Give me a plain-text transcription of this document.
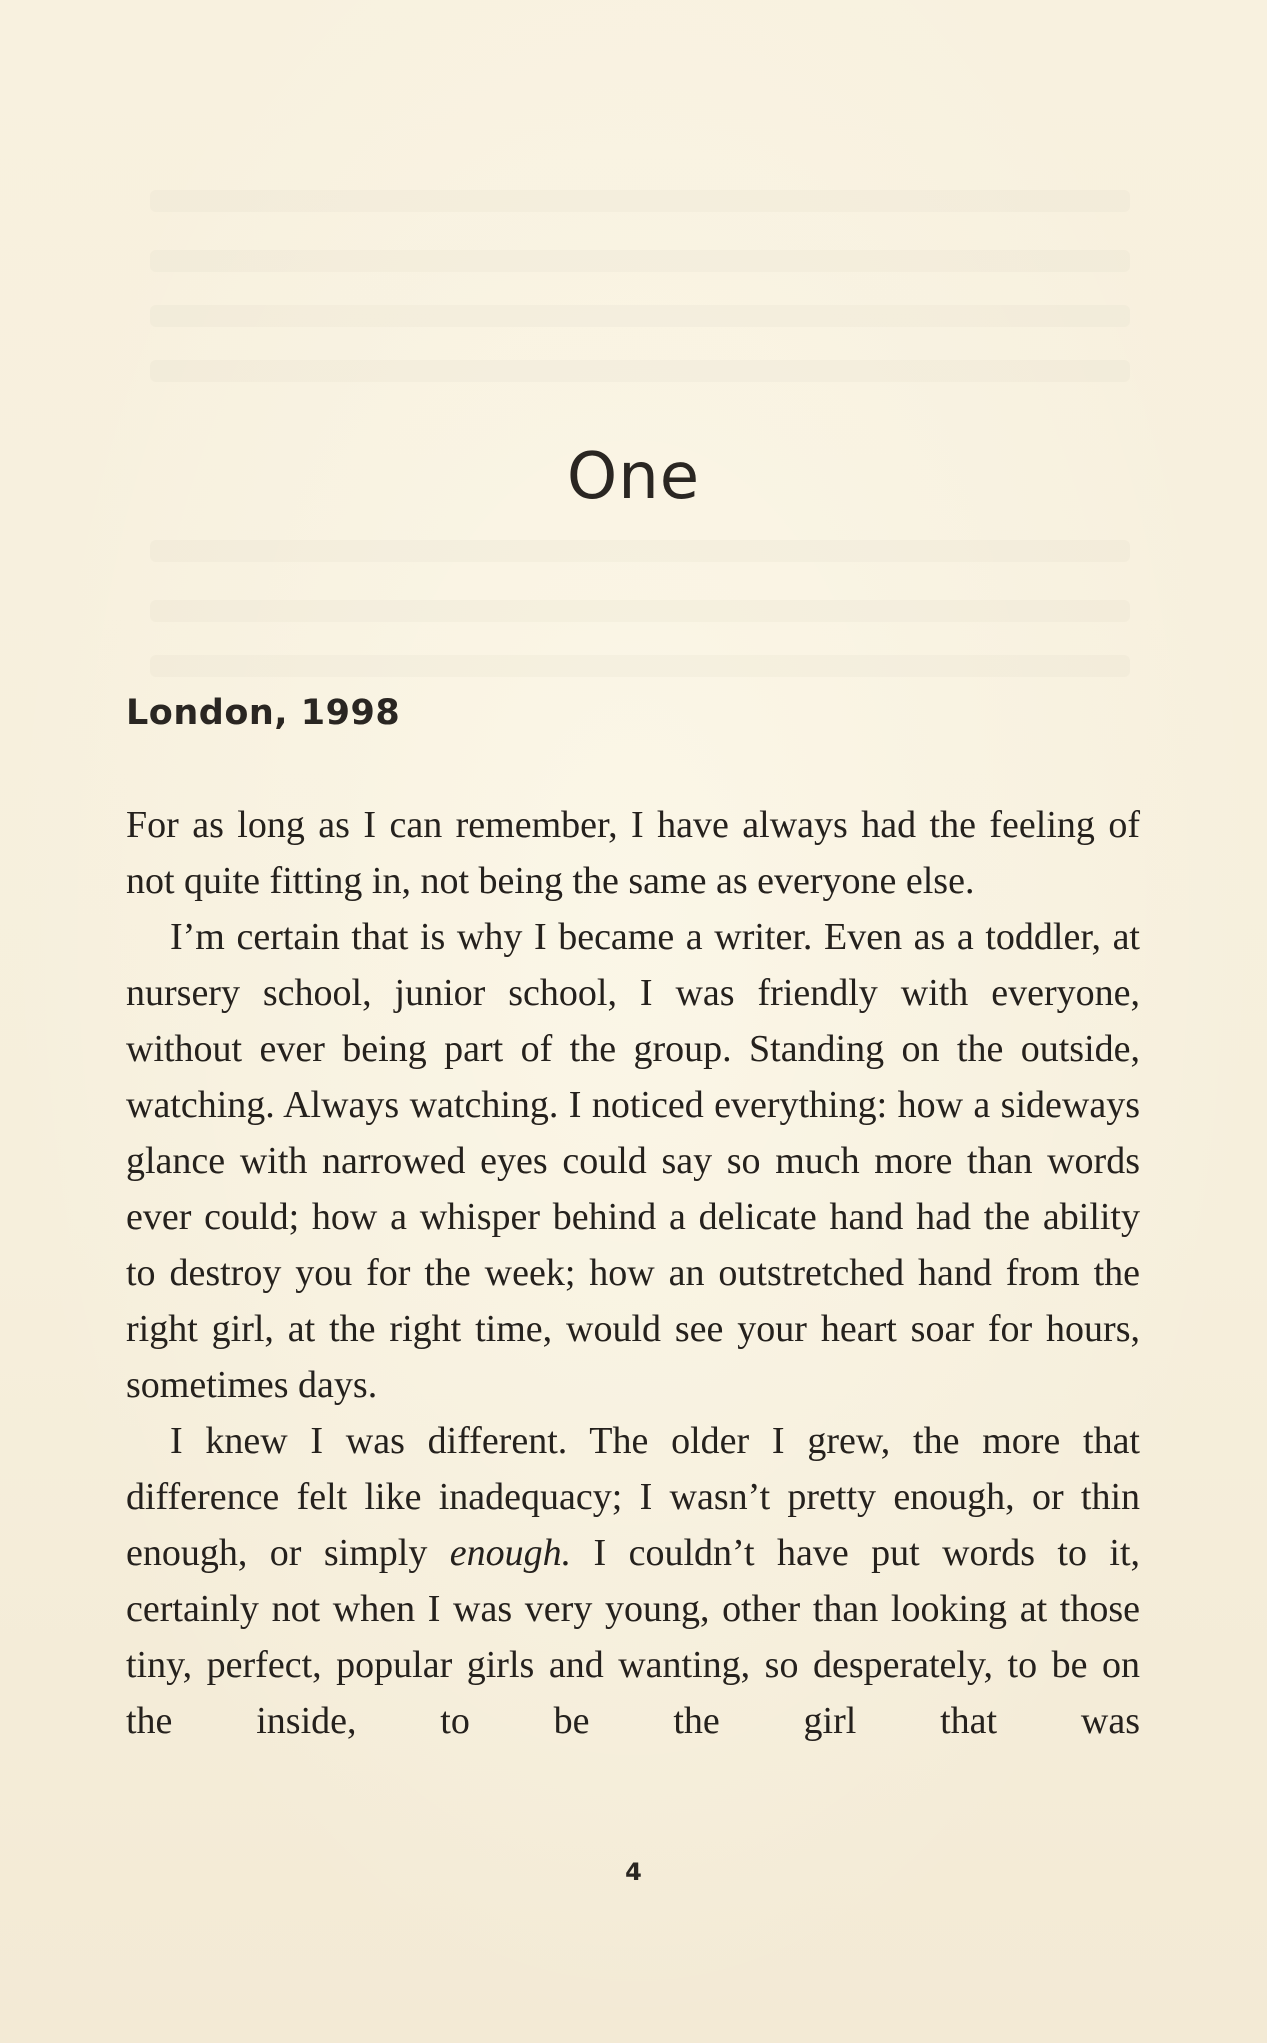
One
London, 1998

For as long as I can remember, I have always had the feeling of not quite fitting in, not being the same as everyone else.

I’m certain that is why I became a writer. Even as a toddler, at nursery school, junior school, I was friendly with everyone, without ever being part of the group. Standing on the outside, watching. Always watching. I noticed everything: how a sideways glance with narrowed eyes could say so much more than words ever could; how a whisper behind a delicate hand had the ability to destroy you for the week; how an outstretched hand from the right girl, at the right time, would see your heart soar for hours, sometimes days.

I knew I was different. The older I grew, the more that difference felt like inadequacy; I wasn’t pretty enough, or thin enough, or simply enough. I couldn’t have put words to it, certainly not when I was very young, other than looking at those tiny, perfect, popular girls and wanting, so desperately, to be on the inside, to be the girl that was

4
